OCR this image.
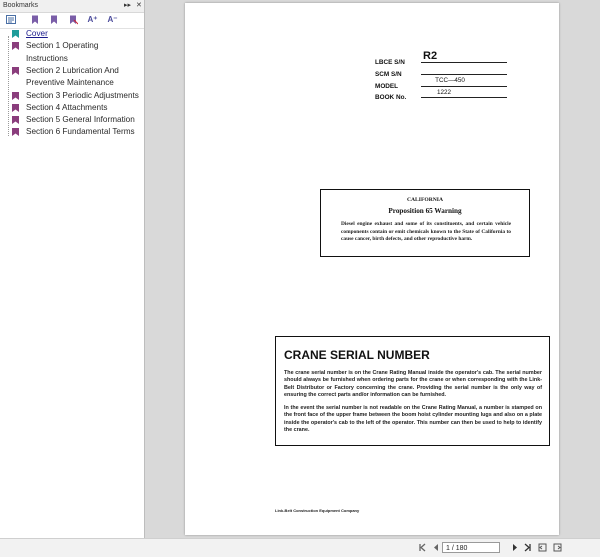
Bookmarks	▸▸ ✕
A⁺ A⁻
Cover
Section 1 Operating
Instructions
Section 2 Lubrication And
Preventive Maintenance
Section 3 Periodic Adjustments
Section 4 Attachments
Section 5 General Information
Section 6 Fundamental Terms
LBCE S/N
R2
SCM S/N
MODEL
TCC—450
BOOK No.
1222
CALIFORNIA
Proposition 65 Warning
Diesel engine exhaust and some of its constituents, and certain vehicle components contain or emit chemicals known to the State of California to cause cancer, birth defects, and other reproductive harm.
CRANE SERIAL NUMBER
The crane serial number is on the Crane Rating Manual inside the operator's cab. The serial number should always be furnished when ordering parts for the crane or when corresponding with the Link-Belt Distributor or Factory concerning the crane. Providing the serial number is the only way of ensuring the correct parts and/or information can be furnished.
In the event the serial number is not readable on the Crane Rating Manual, a number is stamped on the front face of the upper frame between the boom hoist cylinder mounting lugs and also on a plate inside the operator's cab to the left of the operator. This number can then be used to help to identify the crane.
Link-Belt Construction Equipment Company
1 / 180
